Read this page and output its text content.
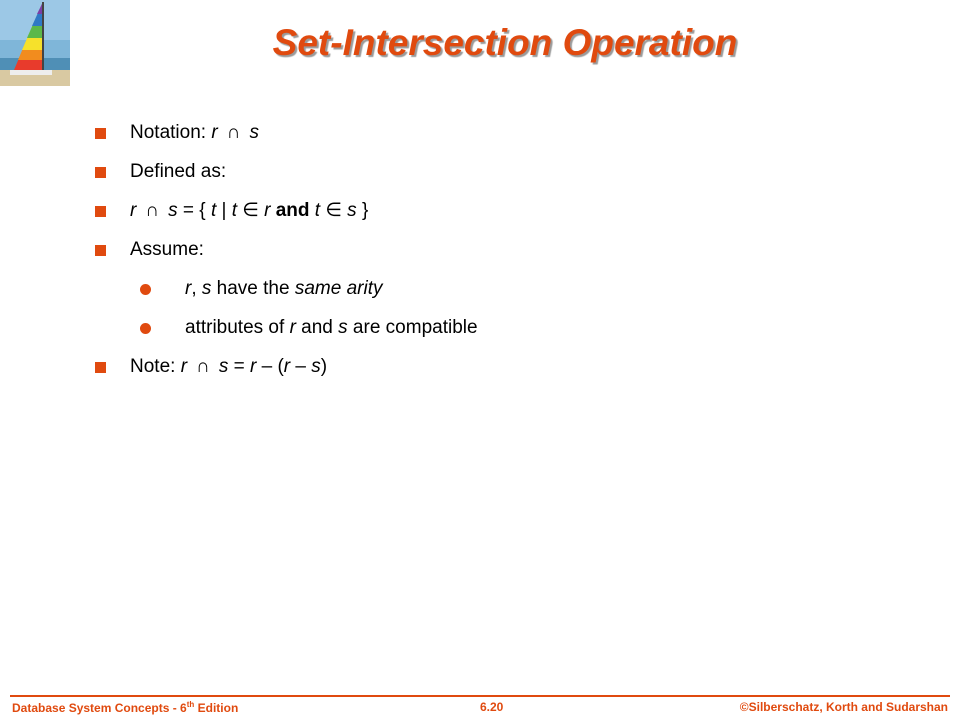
Set-Intersection Operation
Notation: r  ∩  s
Defined as:
r  ∩  s = { t | t ∈ r and t ∈ s }
Assume:
r, s have the same arity
attributes of r and s are compatible
Note: r  ∩  s = r – (r – s)
Database System Concepts - 6th Edition	6.20	©Silberschatz, Korth and Sudarshan
